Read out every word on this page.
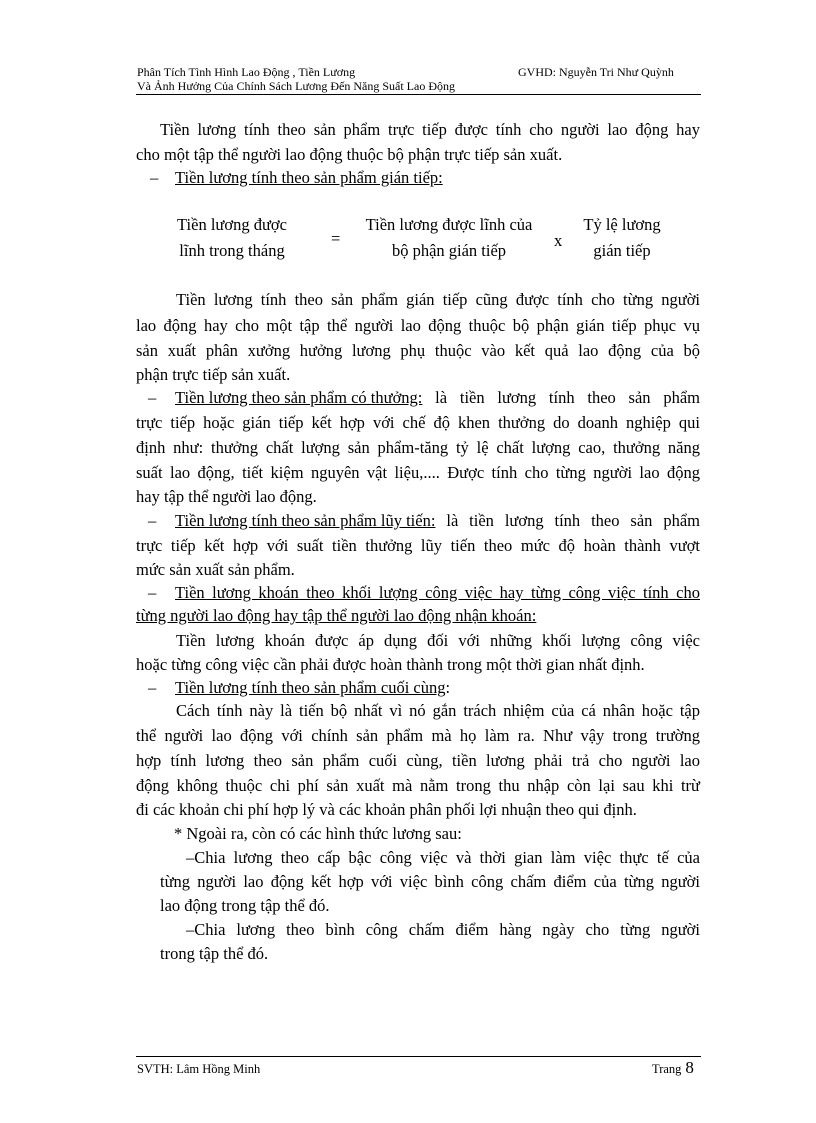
Phân Tích Tình Hình Lao Động , Tiền Lương
Và Ảnh Hưởng Của Chính Sách Lương Đến Năng Suất Lao Động
GVHD: Nguyễn Tri Như Quỳnh
Tiền lương tính theo sản phẩm trực tiếp được tính cho người lao động hay
cho một tập thể người lao động thuộc bộ phận trực tiếp sản xuất.
– Tiền lương tính theo sản phẩm gián tiếp:
Tiền lương được
lĩnh trong tháng
=
Tiền lương được lĩnh của
bộ phận gián tiếp
x
Tỷ lệ lương
gián tiếp
Tiền lương tính theo sản phẩm gián tiếp cũng được tính cho từng người
lao động hay cho một tập thể người lao động thuộc bộ phận gián tiếp phục vụ
sản xuất phân xưởng hưởng lương phụ thuộc vào kết quả lao động của bộ
phận trực tiếp sản xuất.
– Tiền lương theo sản phẩm có thưởng: là tiền lương tính theo sản phẩm
trực tiếp hoặc gián tiếp kết hợp với chế độ khen thưởng do doanh nghiệp qui
định như: thưởng chất lượng sản phẩm-tăng tỷ lệ chất lượng cao, thưởng năng
suất lao động, tiết kiệm nguyên vật liệu,.... Được tính cho từng người lao động
hay tập thể người lao động.
– Tiền lương tính theo sản phẩm lũy tiến: là tiền lương tính theo sản phẩm
trực tiếp kết hợp với suất tiền thưởng lũy tiến theo mức độ hoàn thành vượt
mức sản xuất sản phẩm.
– Tiền lương khoán theo khối lượng công việc hay từng công việc tính cho
từng người lao động hay tập thể người lao động nhận khoán:
Tiền lương khoán được áp dụng đối với những khối lượng công việc
hoặc từng công việc cần phải được hoàn thành trong một thời gian nhất định.
– Tiền lương tính theo sản phẩm cuối cùng:
Cách tính này là tiến bộ nhất vì nó gắn trách nhiệm của cá nhân hoặc tập
thể người lao động với chính sản phẩm mà họ làm ra. Như vậy trong trường
hợp tính lương theo sản phẩm cuối cùng, tiền lương phải trả cho người lao
động không thuộc chi phí sản xuất mà nằm trong thu nhập còn lại sau khi trừ
đi các khoản chi phí hợp lý và các khoản phân phối lợi nhuận theo qui định.
* Ngoài ra, còn có các hình thức lương sau:
–Chia lương theo cấp bậc công việc và thời gian làm việc thực tế của
từng người lao động kết hợp với việc bình công chấm điểm của từng người
lao động trong tập thể đó.
–Chia lương theo bình công chấm điểm hàng ngày cho từng người
trong tập thể đó.
SVTH: Lâm Hồng Minh	Trang 8
